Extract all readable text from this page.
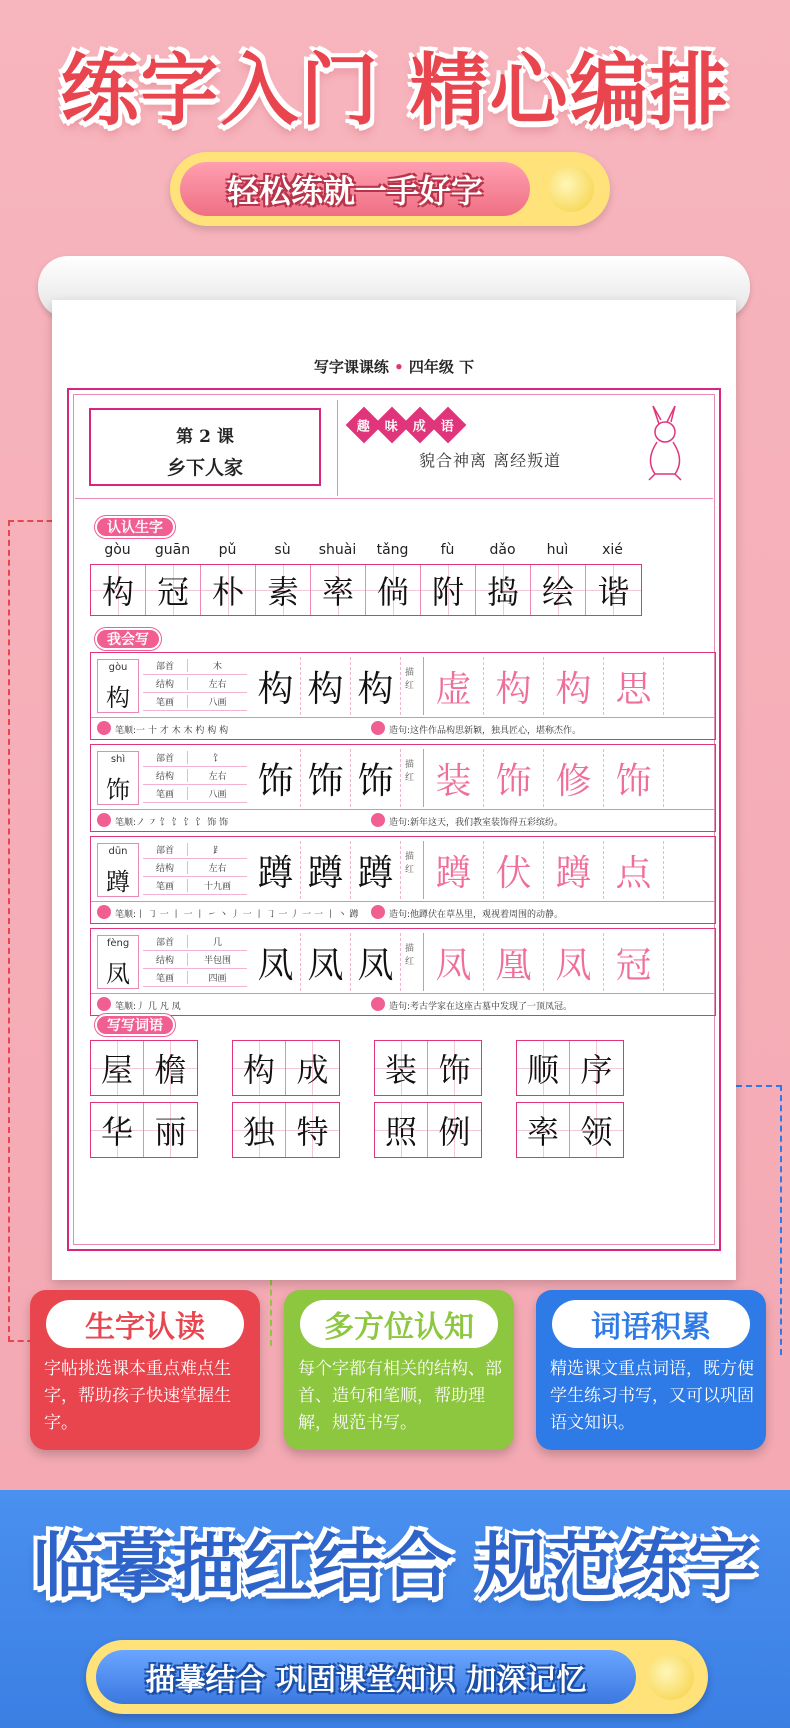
练字入门 精心编排
轻松练就一手好字
写字课课练 • 四年级 下
第 2 课
乡下人家
趣 味 成 语
貌合神离 离经叛道
认认生字
gòu	guān	pǔ	sù	shuài	tǎng	fù	dǎo	huì	xié
构 冠 朴 素 率 倘 附 捣 绘 谐
我会写
gòu
构
部首	木
结构	左右
笔画	八画 构 构 构	描红 虚 构 构 思
笔顺:一 十 才 木 木 杓 构 构	造句:这件作品构思新颖，独具匠心，堪称杰作。
shì
饰
部首	饣
结构	左右
笔画	八画 饰 饰 饰	描红 装 饰 修 饰
笔顺:ノ ㇇ 饣 饣 饣 饣 饰 饰	造句:新年这天，我们教室装饰得五彩缤纷。
dūn
蹲
部首	⻊
结构	左右
笔画	十九画 蹲 蹲 蹲	描红 蹲 伏 蹲 点
笔顺:丨 ㇆ 一 丨 一 丨 ㇀ 丶 丿 一 丨 ㇆ 一 丿 一 一 丨 丶 蹲	造句:他蹲伏在草丛里，观视着周围的动静。
fèng
凤
部首	几
结构	半包围
笔画	四画 凤 凤 凤	描红 凤 凰 凤 冠
笔顺:丿 几 凡 凤	造句:考古学家在这座古墓中发现了一顶凤冠。
写写词语
屋 檐	构 成	装 饰	顺 序
华 丽	独 特	照 例	率 领
生字认读
字帖挑选课本重点难点生字，帮助孩子快速掌握生字。
多方位认知
每个字都有相关的结构、部首、造句和笔顺，帮助理解，规范书写。
词语积累
精选课文重点词语，既方便学生练习书写，又可以巩固语文知识。
临摹描红结合 规范练字
描摹结合 巩固课堂知识 加深记忆
